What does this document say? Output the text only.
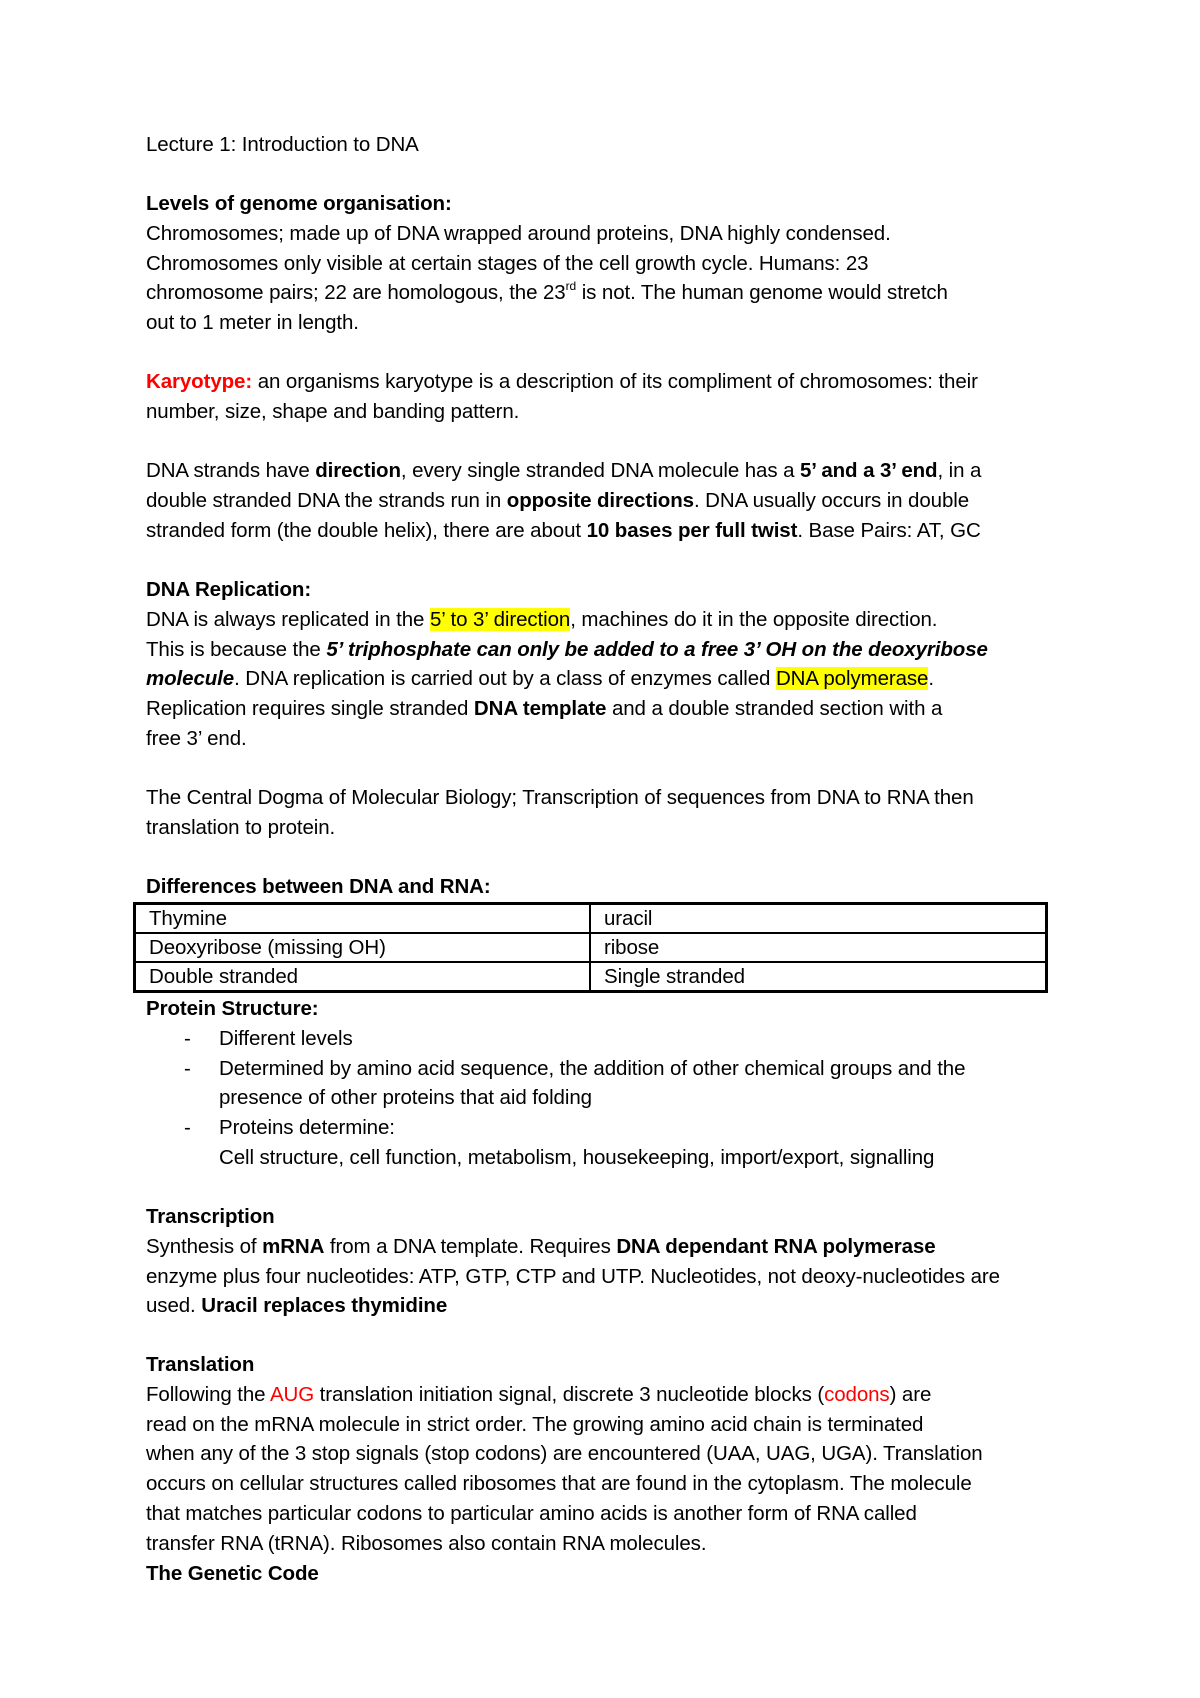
Lecture 1: Introduction to DNA

Levels of genome organisation:
Chromosomes; made up of DNA wrapped around proteins, DNA highly condensed.
Chromosomes only visible at certain stages of the cell growth cycle. Humans: 23
chromosome pairs; 22 are homologous, the 23rd is not. The human genome would stretch
out to 1 meter in length.
Karyotype: an organisms karyotype is a description of its compliment of chromosomes: their
number, size, shape and banding pattern.
DNA strands have direction, every single stranded DNA molecule has a 5’ and a 3’ end, in a
double stranded DNA the strands run in opposite directions. DNA usually occurs in double
stranded form (the double helix), there are about 10 bases per full twist. Base Pairs: AT, GC
DNA Replication:
DNA is always replicated in the 5’ to 3’ direction, machines do it in the opposite direction.
This is because the 5’ triphosphate can only be added to a free 3’ OH on the deoxyribose
molecule. DNA replication is carried out by a class of enzymes called DNA polymerase.
Replication requires single stranded DNA template and a double stranded section with a
free 3’ end.
The Central Dogma of Molecular Biology; Transcription of sequences from DNA to RNA then
translation to protein.
Differences between DNA and RNA:
Thymine	uracil
Deoxyribose (missing OH)	ribose
Double stranded	Single stranded
Protein Structure:
- Different levels
- Determined by amino acid sequence, the addition of other chemical groups and the
presence of other proteins that aid folding
- Proteins determine:
Cell structure, cell function, metabolism, housekeeping, import/export, signalling
Transcription
Synthesis of mRNA from a DNA template. Requires DNA dependant RNA polymerase
enzyme plus four nucleotides: ATP, GTP, CTP and UTP. Nucleotides, not deoxy-nucleotides are
used. Uracil replaces thymidine
Translation
Following the AUG translation initiation signal, discrete 3 nucleotide blocks (codons) are
read on the mRNA molecule in strict order. The growing amino acid chain is terminated
when any of the 3 stop signals (stop codons) are encountered (UAA, UAG, UGA). Translation
occurs on cellular structures called ribosomes that are found in the cytoplasm. The molecule
that matches particular codons to particular amino acids is another form of RNA called
transfer RNA (tRNA). Ribosomes also contain RNA molecules.
The Genetic Code
